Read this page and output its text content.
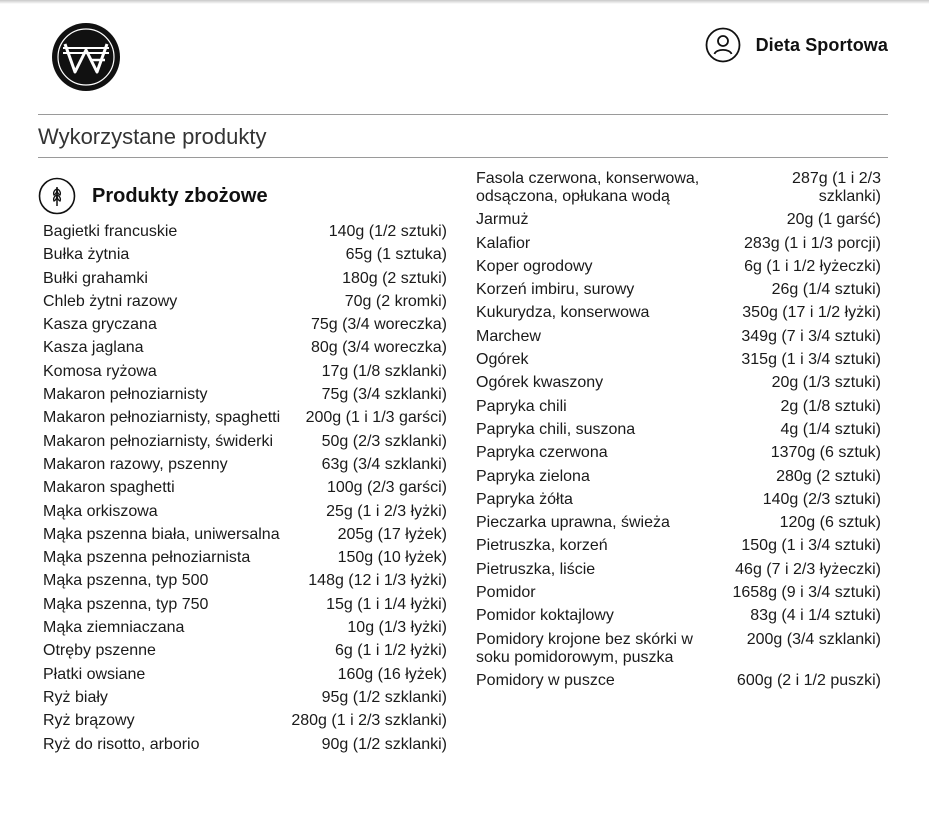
Dieta Sportowa
Wykorzystane produkty
Produkty zbożowe
Bagietki francuskie	140g (1/2 sztuki)
Bułka żytnia	65g (1 sztuka)
Bułki grahamki	180g (2 sztuki)
Chleb żytni razowy	70g (2 kromki)
Kasza gryczana	75g (3/4 woreczka)
Kasza jaglana	80g (3/4 woreczka)
Komosa ryżowa	17g (1/8 szklanki)
Makaron pełnoziarnisty	75g (3/4 szklanki)
Makaron pełnoziarnisty, spaghetti 200g (1 i 1/3 garści)
Makaron pełnoziarnisty, świderki	50g (2/3 szklanki)
Makaron razowy, pszenny	63g (3/4 szklanki)
Makaron spaghetti	100g (2/3 garści)
Mąka orkiszowa	25g (1 i 2/3 łyżki)
Mąka pszenna biała, uniwersalna	205g (17 łyżek)
Mąka pszenna pełnoziarnista	150g (10 łyżek)
Mąka pszenna, typ 500	148g (12 i 1/3 łyżki)
Mąka pszenna, typ 750	15g (1 i 1/4 łyżki)
Mąka ziemniaczana	10g (1/3 łyżki)
Otręby pszenne	6g (1 i 1/2 łyżki)
Płatki owsiane	160g (16 łyżek)
Ryż biały	95g (1/2 szklanki)
Ryż brązowy	280g (1 i 2/3 szklanki)
Ryż do risotto, arborio	90g (1/2 szklanki)
Fasola czerwona, konserwowa, odsączona, opłukana wodą
287g (1 i 2/3 szklanki)
Jarmuż	20g (1 garść)
Kalafior	283g (1 i 1/3 porcji)
Koper ogrodowy	6g (1 i 1/2 łyżeczki)
Korzeń imbiru, surowy	26g (1/4 sztuki)
Kukurydza, konserwowa	350g (17 i 1/2 łyżki)
Marchew	349g (7 i 3/4 sztuki)
Ogórek	315g (1 i 3/4 sztuki)
Ogórek kwaszony	20g (1/3 sztuki)
Papryka chili	2g (1/8 sztuki)
Papryka chili, suszona	4g (1/4 sztuki)
Papryka czerwona	1370g (6 sztuk)
Papryka zielona	280g (2 sztuki)
Papryka żółta	140g (2/3 sztuki)
Pieczarka uprawna, świeża	120g (6 sztuk)
Pietruszka, korzeń	150g (1 i 3/4 sztuki)
Pietruszka, liście	46g (7 i 2/3 łyżeczki)
Pomidor	1658g (9 i 3/4 sztuki)
Pomidor koktajlowy	83g (4 i 1/4 sztuki)
Pomidory krojone bez skórki w soku pomidorowym, puszka
200g (3/4 szklanki)
Pomidory w puszce	600g (2 i 1/2 puszki)
